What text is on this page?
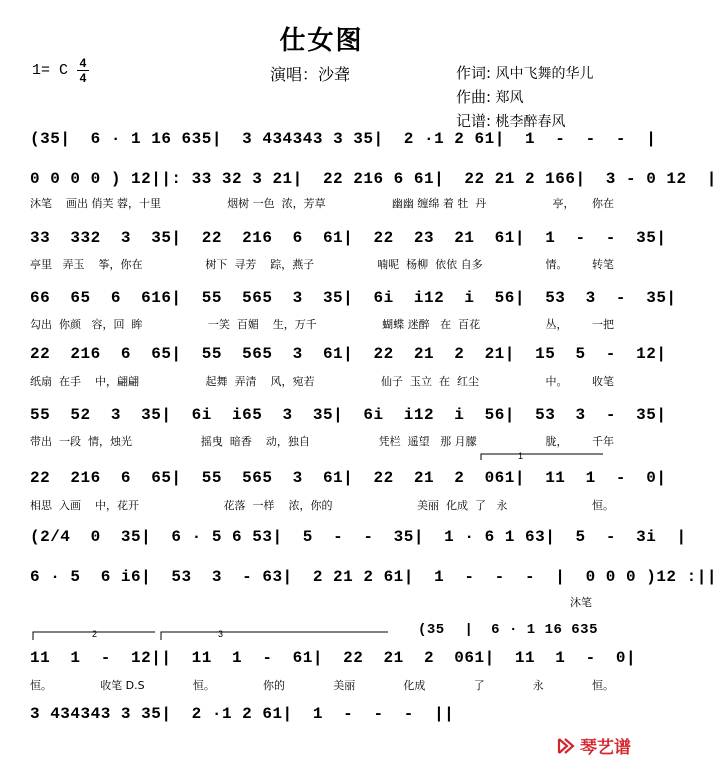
仕女图
1= C 4
4	演唱：沙聋	作词: 风中飞舞的华儿
作曲: 郑风
记谱: 桃李醉春风
(35 |  6 · 1 16 635 |  3 434343 3 35 |  2 ·1 2 61 |  1  -  -  -  |
0 0 0 0 ) 12 ||: 33 32 3 21 |  22 216 6 61 |  22 21 2 166 |  3 - 0 12  |
沐笔    画出 俏芙 蓉，十里	烟树 一色  浓，芳草	幽幽 缠绵 着 牡  丹	亭，     你在
33  332  3  35 |  22  216  6  61 |  22  23  21  61 |  1  -  -  35 |
亭里   弄玉    筝，你在	树下  寻芳    踪，燕子	喃呢  杨柳  依依 自多	情。       转笔
66  65  6  616 |  55  565  3  35 |  6i  i12  i  56 |  53  3  -  35 |
勾出  你颜   容，回  眸	一笑  百媚    生，万千	蝴蝶 迷醉   在  百花	丛，       一把
22  216  6  65 |  55  565  3  61 |  22  21  2  21 |  15  5  -  12 |
纸扇  在手    中，翩翩	起舞  弄清    风，宛若	仙子  玉立  在  红尘	中。       收笔
55  52  3  35 |  6i  i65  3  35 |  6i  i12  i  56 |  53  3  -  35 |
带出  一段  情，烛光	摇曳  暗香    动，独自	凭栏  遥望   那 月朦	胧，       千年
1
22  216  6  65 |  55  565  3  61 |  22  21  2  061 |  11  1  -  0 |
相思  入画    中，花开	花落  一样    浓，你的	美丽  化成  了   永	恒。
(2/4  0  35 |  6 · 5 6 53 |  5  -  -  35 |  1 · 6 1 63 |  5  -  3i  |
6 · 5  6 i6 |  53  3  - 63 |  2 21 2 61 |  1  -  -  -  |  0 0 0 ) 12 :||
沐笔
2	3	(35 |  6 · 1 16 635
11  1  -  12 ||  11  1  -  61 |  22  21  2  061 |  11  1  -  0 |
恒。	收笔 D.S	恒。	你的	美丽	化成	了	永	恒。
3 434343 3 35 |  2 ·1 2 61 |  1  -  -  -  ||
琴艺谱
